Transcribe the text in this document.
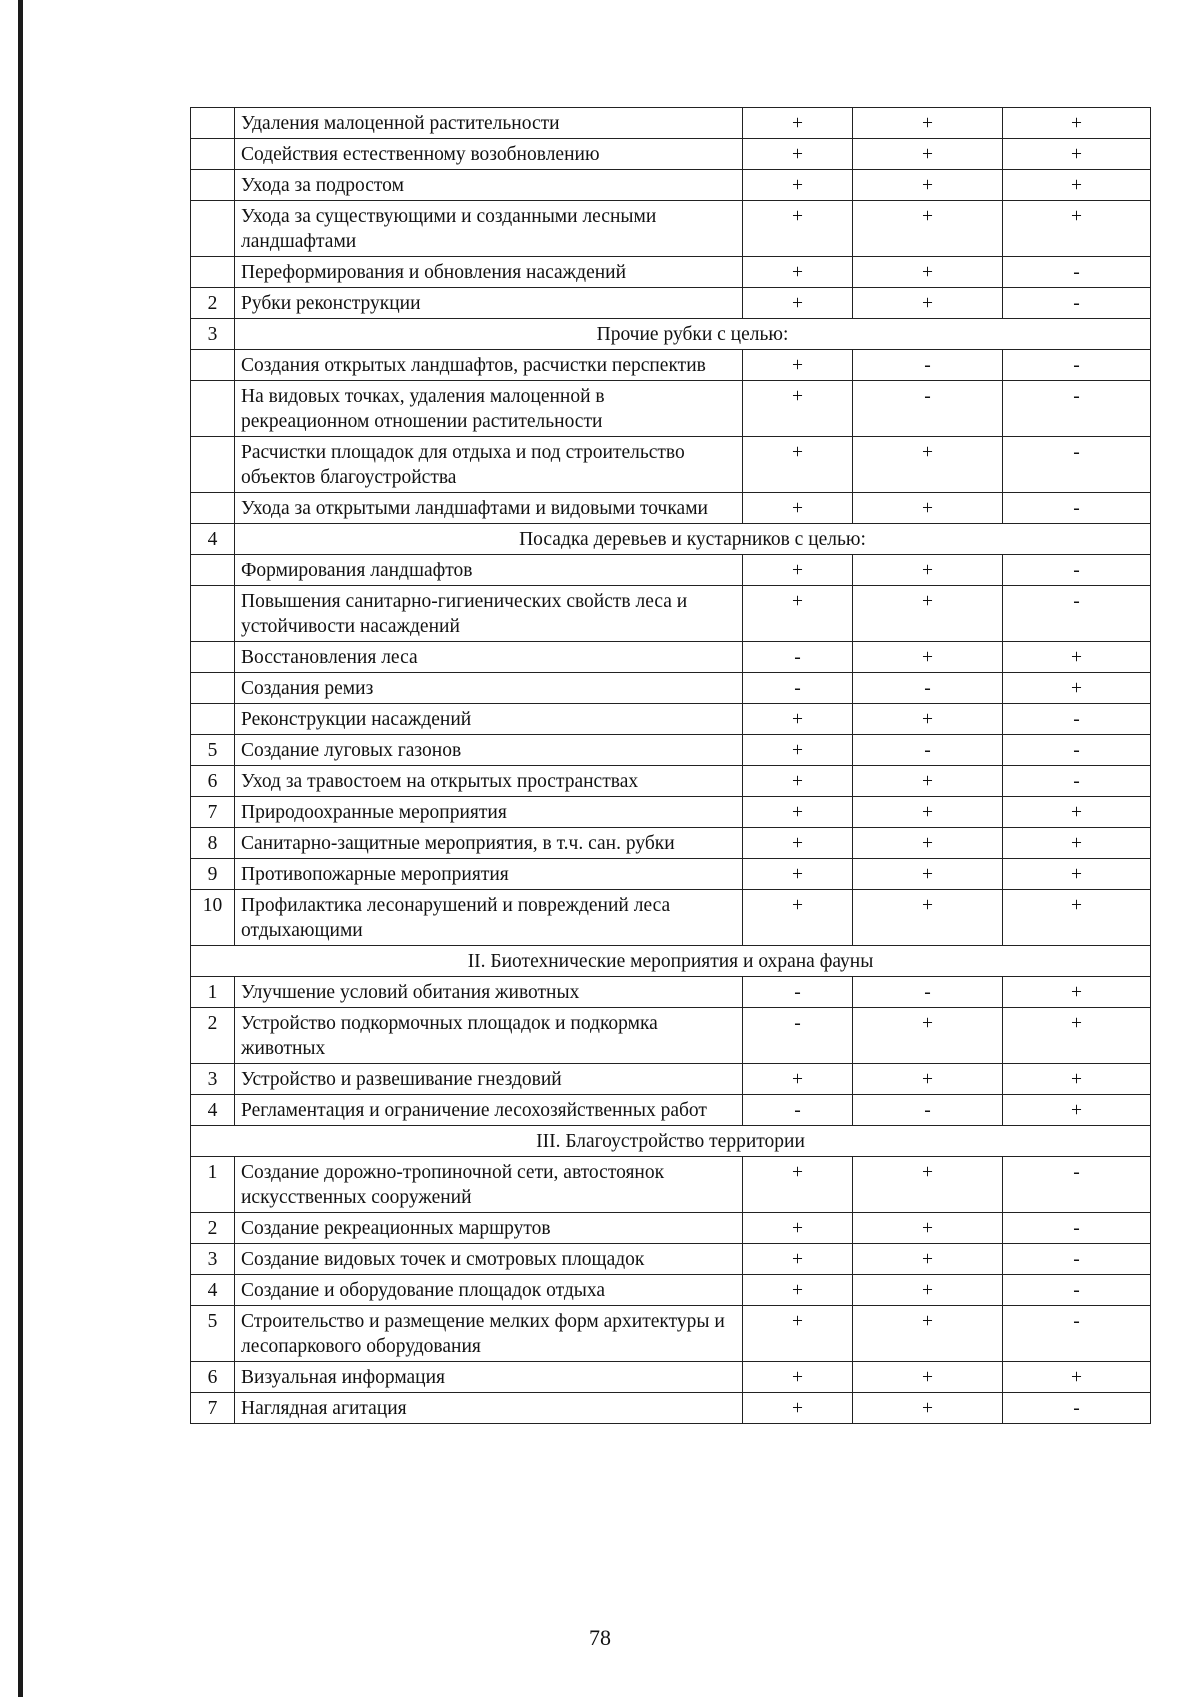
	Удаления малоценной растительности	+	+	+
	Содействия естественному возобновлению	+	+	+
	Ухода за подростом	+	+	+
	Ухода за существующими и созданными лесными ландшафтами	+	+	+
	Переформирования и обновления насаждений	+	+	-
2	Рубки реконструкции	+	+	-
3	Прочие рубки с целью:			
	Создания открытых ландшафтов, расчистки перспектив	+	-	-
	На видовых точках, удаления малоценной в рекреационном отношении растительности	+	-	-
	Расчистки площадок для отдыха и под строительство объектов благоустройства	+	+	-
	Ухода за открытыми ландшафтами и видовыми точками	+	+	-
4	Посадка деревьев и кустарников с целью:			
	Формирования ландшафтов	+	+	-
	Повышения санитарно-гигиенических свойств леса и устойчивости насаждений	+	+	-
	Восстановления леса	-	+	+
	Создания ремиз	-	-	+
	Реконструкции насаждений	+	+	-
5	Создание луговых газонов	+	-	-
6	Уход за травостоем на открытых пространствах	+	+	-
7	Природоохранные мероприятия	+	+	+
8	Санитарно-защитные мероприятия, в т.ч. сан. рубки	+	+	+
9	Противопожарные мероприятия	+	+	+
10	Профилактика лесонарушений и повреждений леса отдыхающими	+	+	+
II. Биотехнические мероприятия и охрана фауны				
1	Улучшение условий обитания животных	-	-	+
2	Устройство подкормочных площадок и подкормка животных	-	+	+
3	Устройство и развешивание гнездовий	+	+	+
4	Регламентация и ограничение лесохозяйственных работ	-	-	+
III. Благоустройство территории				
1	Создание дорожно-тропиночной сети, автостоянок искусственных сооружений	+	+	-
2	Создание рекреационных маршрутов	+	+	-
3	Создание видовых точек и смотровых площадок	+	+	-
4	Создание и оборудование площадок отдыха	+	+	-
5	Строительство и размещение мелких форм архитектуры и лесопаркового оборудования	+	+	-
6	Визуальная информация	+	+	+
7	Наглядная агитация	+	+	-
78
